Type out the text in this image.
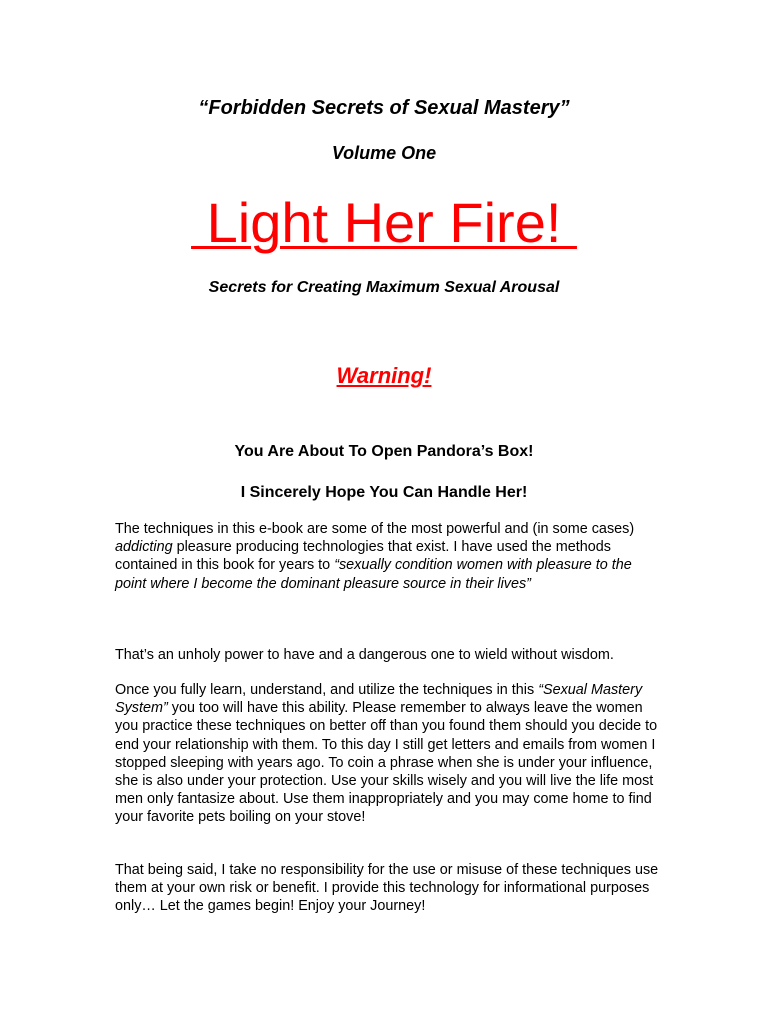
“Forbidden Secrets of Sexual Mastery”
Volume One
Light Her Fire!
Secrets for Creating Maximum Sexual Arousal
Warning!

You Are About To Open Pandora’s Box!

I Sincerely Hope You Can Handle Her!

The techniques in this e-book are some of the most powerful and (in some cases) addicting pleasure producing technologies that exist. I have used the methods contained in this book for years to “sexually condition women with pleasure to the point where I become the dominant pleasure source in their lives”

That’s an unholy power to have and a dangerous one to wield without wisdom.

Once you fully learn, understand, and utilize the techniques in this “Sexual Mastery System” you too will have this ability. Please remember to always leave the women you practice these techniques on better off than you found them should you decide to end your relationship with them. To this day I still get letters and emails from women I stopped sleeping with years ago. To coin a phrase when she is under your influence, she is also under your protection. Use your skills wisely and you will live the life most men only fantasize about. Use them inappropriately and you may come home to find your favorite pets boiling on your stove!

That being said, I take no responsibility for the use or misuse of these techniques use them at your own risk or benefit. I provide this technology for informational purposes only… Let the games begin! Enjoy your Journey!
